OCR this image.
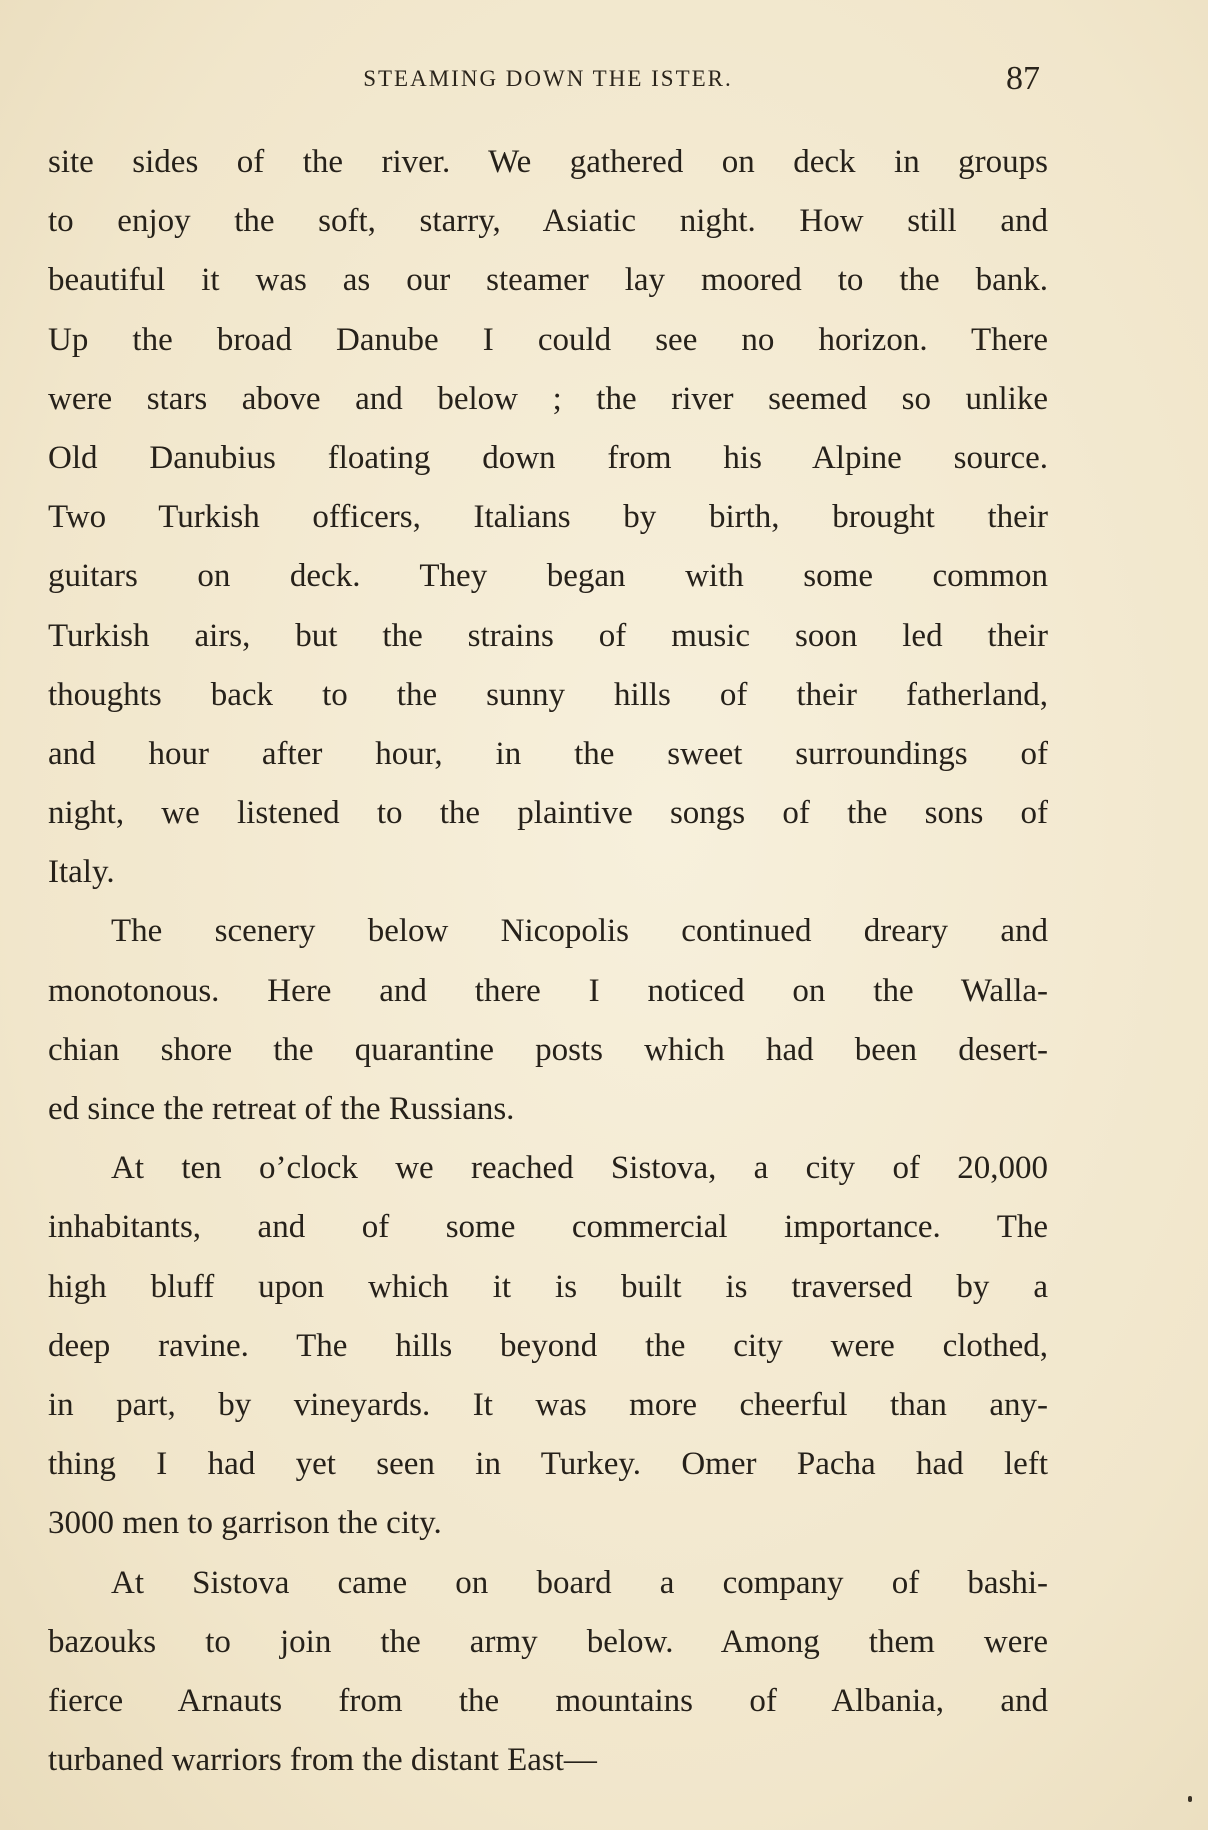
STEAMING DOWN THE ISTER.	87
site sides of the river. We gathered on deck in groups
to enjoy the soft, starry, Asiatic night. How still and
beautiful it was as our steamer lay moored to the bank.
Up the broad Danube I could see no horizon. There
were stars above and below ; the river seemed so unlike
Old Danubius floating down from his Alpine source.
Two Turkish officers, Italians by birth, brought their
guitars on deck. They began with some common
Turkish airs, but the strains of music soon led their
thoughts back to the sunny hills of their fatherland,
and hour after hour, in the sweet surroundings of
night, we listened to the plaintive songs of the sons of
Italy.
The scenery below Nicopolis continued dreary and
monotonous. Here and there I noticed on the Walla-
chian shore the quarantine posts which had been desert-
ed since the retreat of the Russians.
At ten o’clock we reached Sistova, a city of 20,000
inhabitants, and of some commercial importance. The
high bluff upon which it is built is traversed by a
deep ravine. The hills beyond the city were clothed,
in part, by vineyards. It was more cheerful than any-
thing I had yet seen in Turkey. Omer Pacha had left
3000 men to garrison the city.
At Sistova came on board a company of bashi-
bazouks to join the army below. Among them were
fierce Arnauts from the mountains of Albania, and
turbaned warriors from the distant East—
